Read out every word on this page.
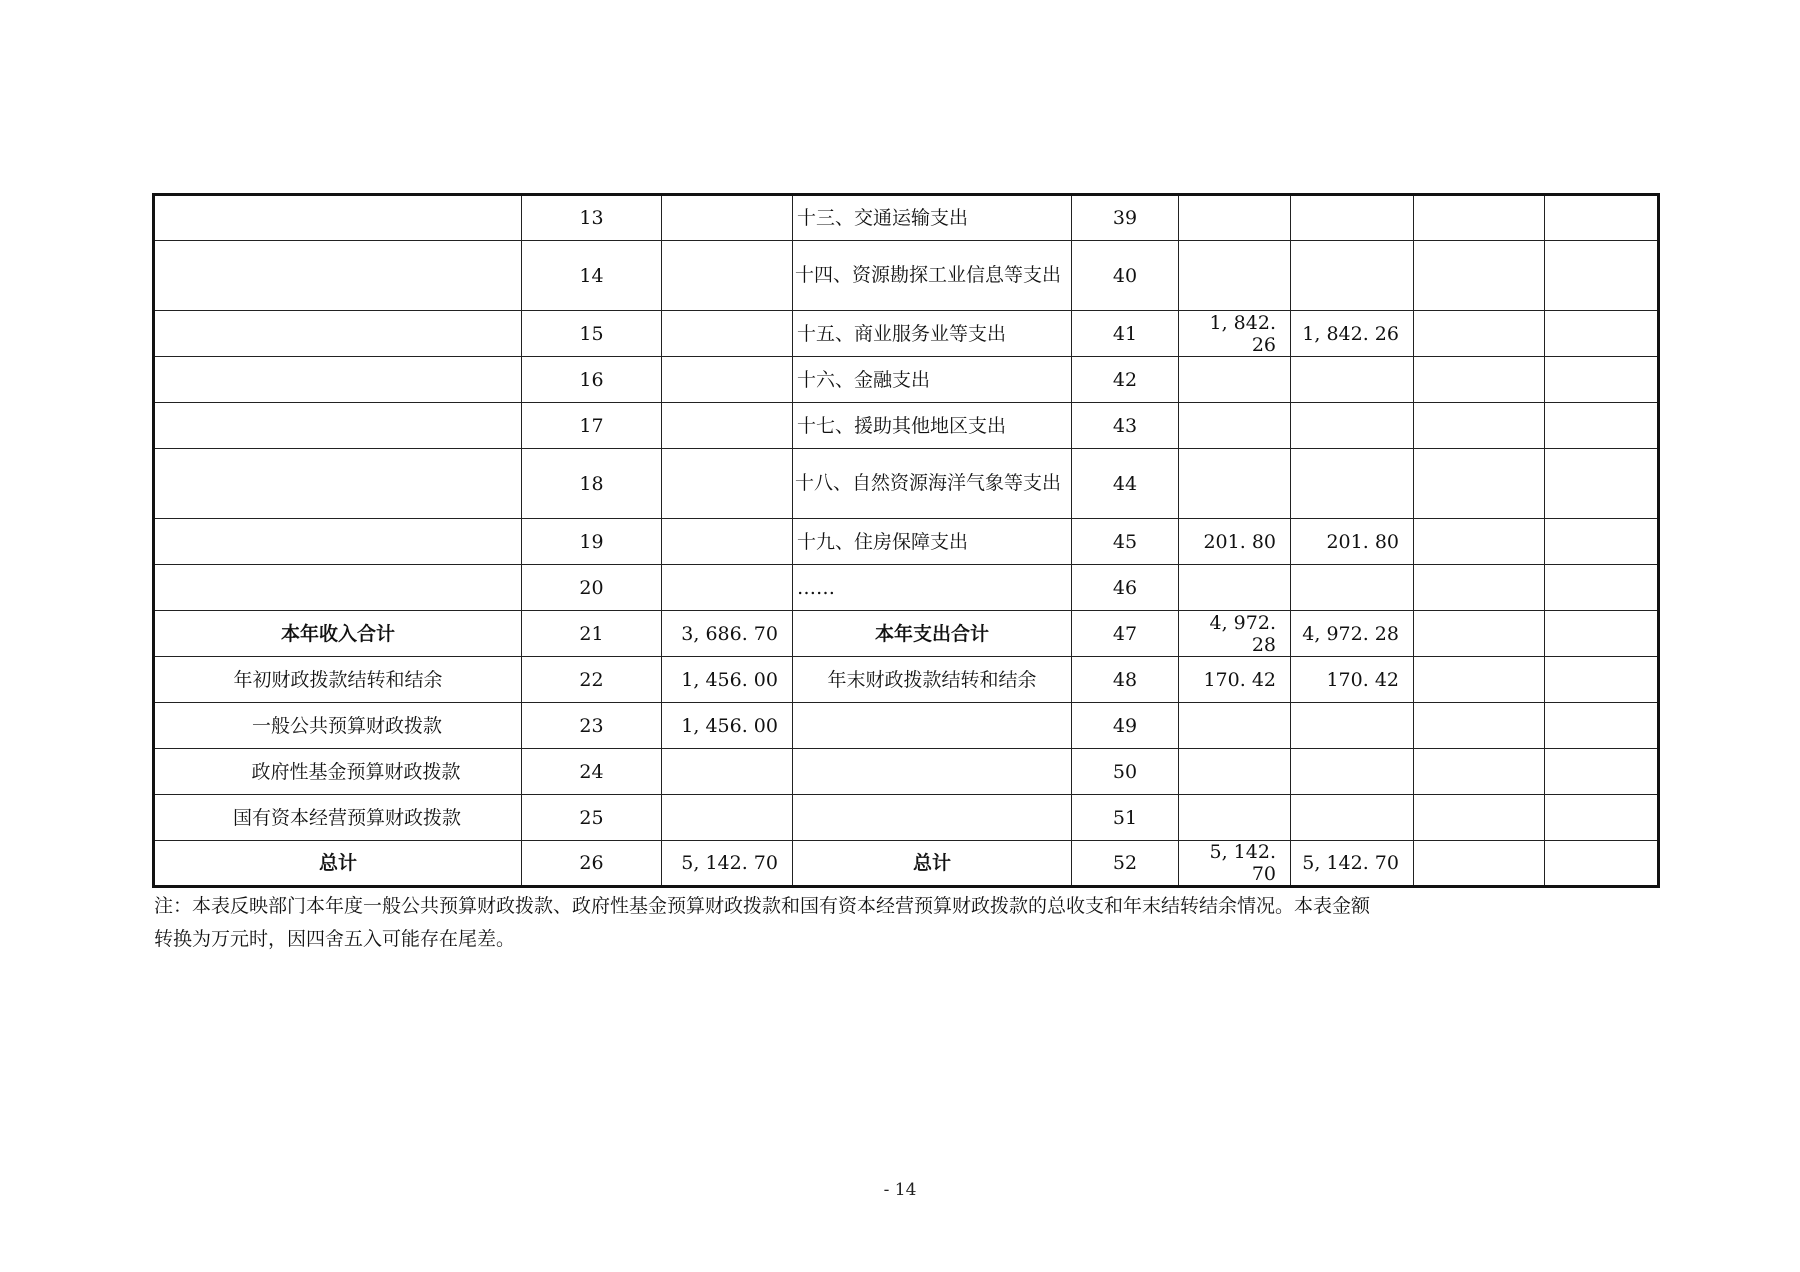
	13		十三、交通运输支出	39				
	14		十四、资源勘探工业信息等支出	40				
	15		十五、商业服务业等支出	41	1, 842. 26	1, 842. 26		
	16		十六、金融支出	42				
	17		十七、援助其他地区支出	43				
	18		十八、自然资源海洋气象等支出	44				
	19		十九、住房保障支出	45	201. 80	201. 80		
	20		……	46				
本年收入合计	21	3, 686. 70	本年支出合计	47	4, 972. 28	4, 972. 28		
年初财政拨款结转和结余	22	1, 456. 00	年末财政拨款结转和结余	48	170. 42	170. 42		
一般公共预算财政拨款	23	1, 456. 00		49				
政府性基金预算财政拨款	24			50				
国有资本经营预算财政拨款	25			51				
总计	26	5, 142. 70	总计	52	5, 142. 70	5, 142. 70		
注：本表反映部门本年度一般公共预算财政拨款、政府性基金预算财政拨款和国有资本经营预算财政拨款的总收支和年末结转结余情况。本表金额
转换为万元时，因四舍五入可能存在尾差。
- 14
